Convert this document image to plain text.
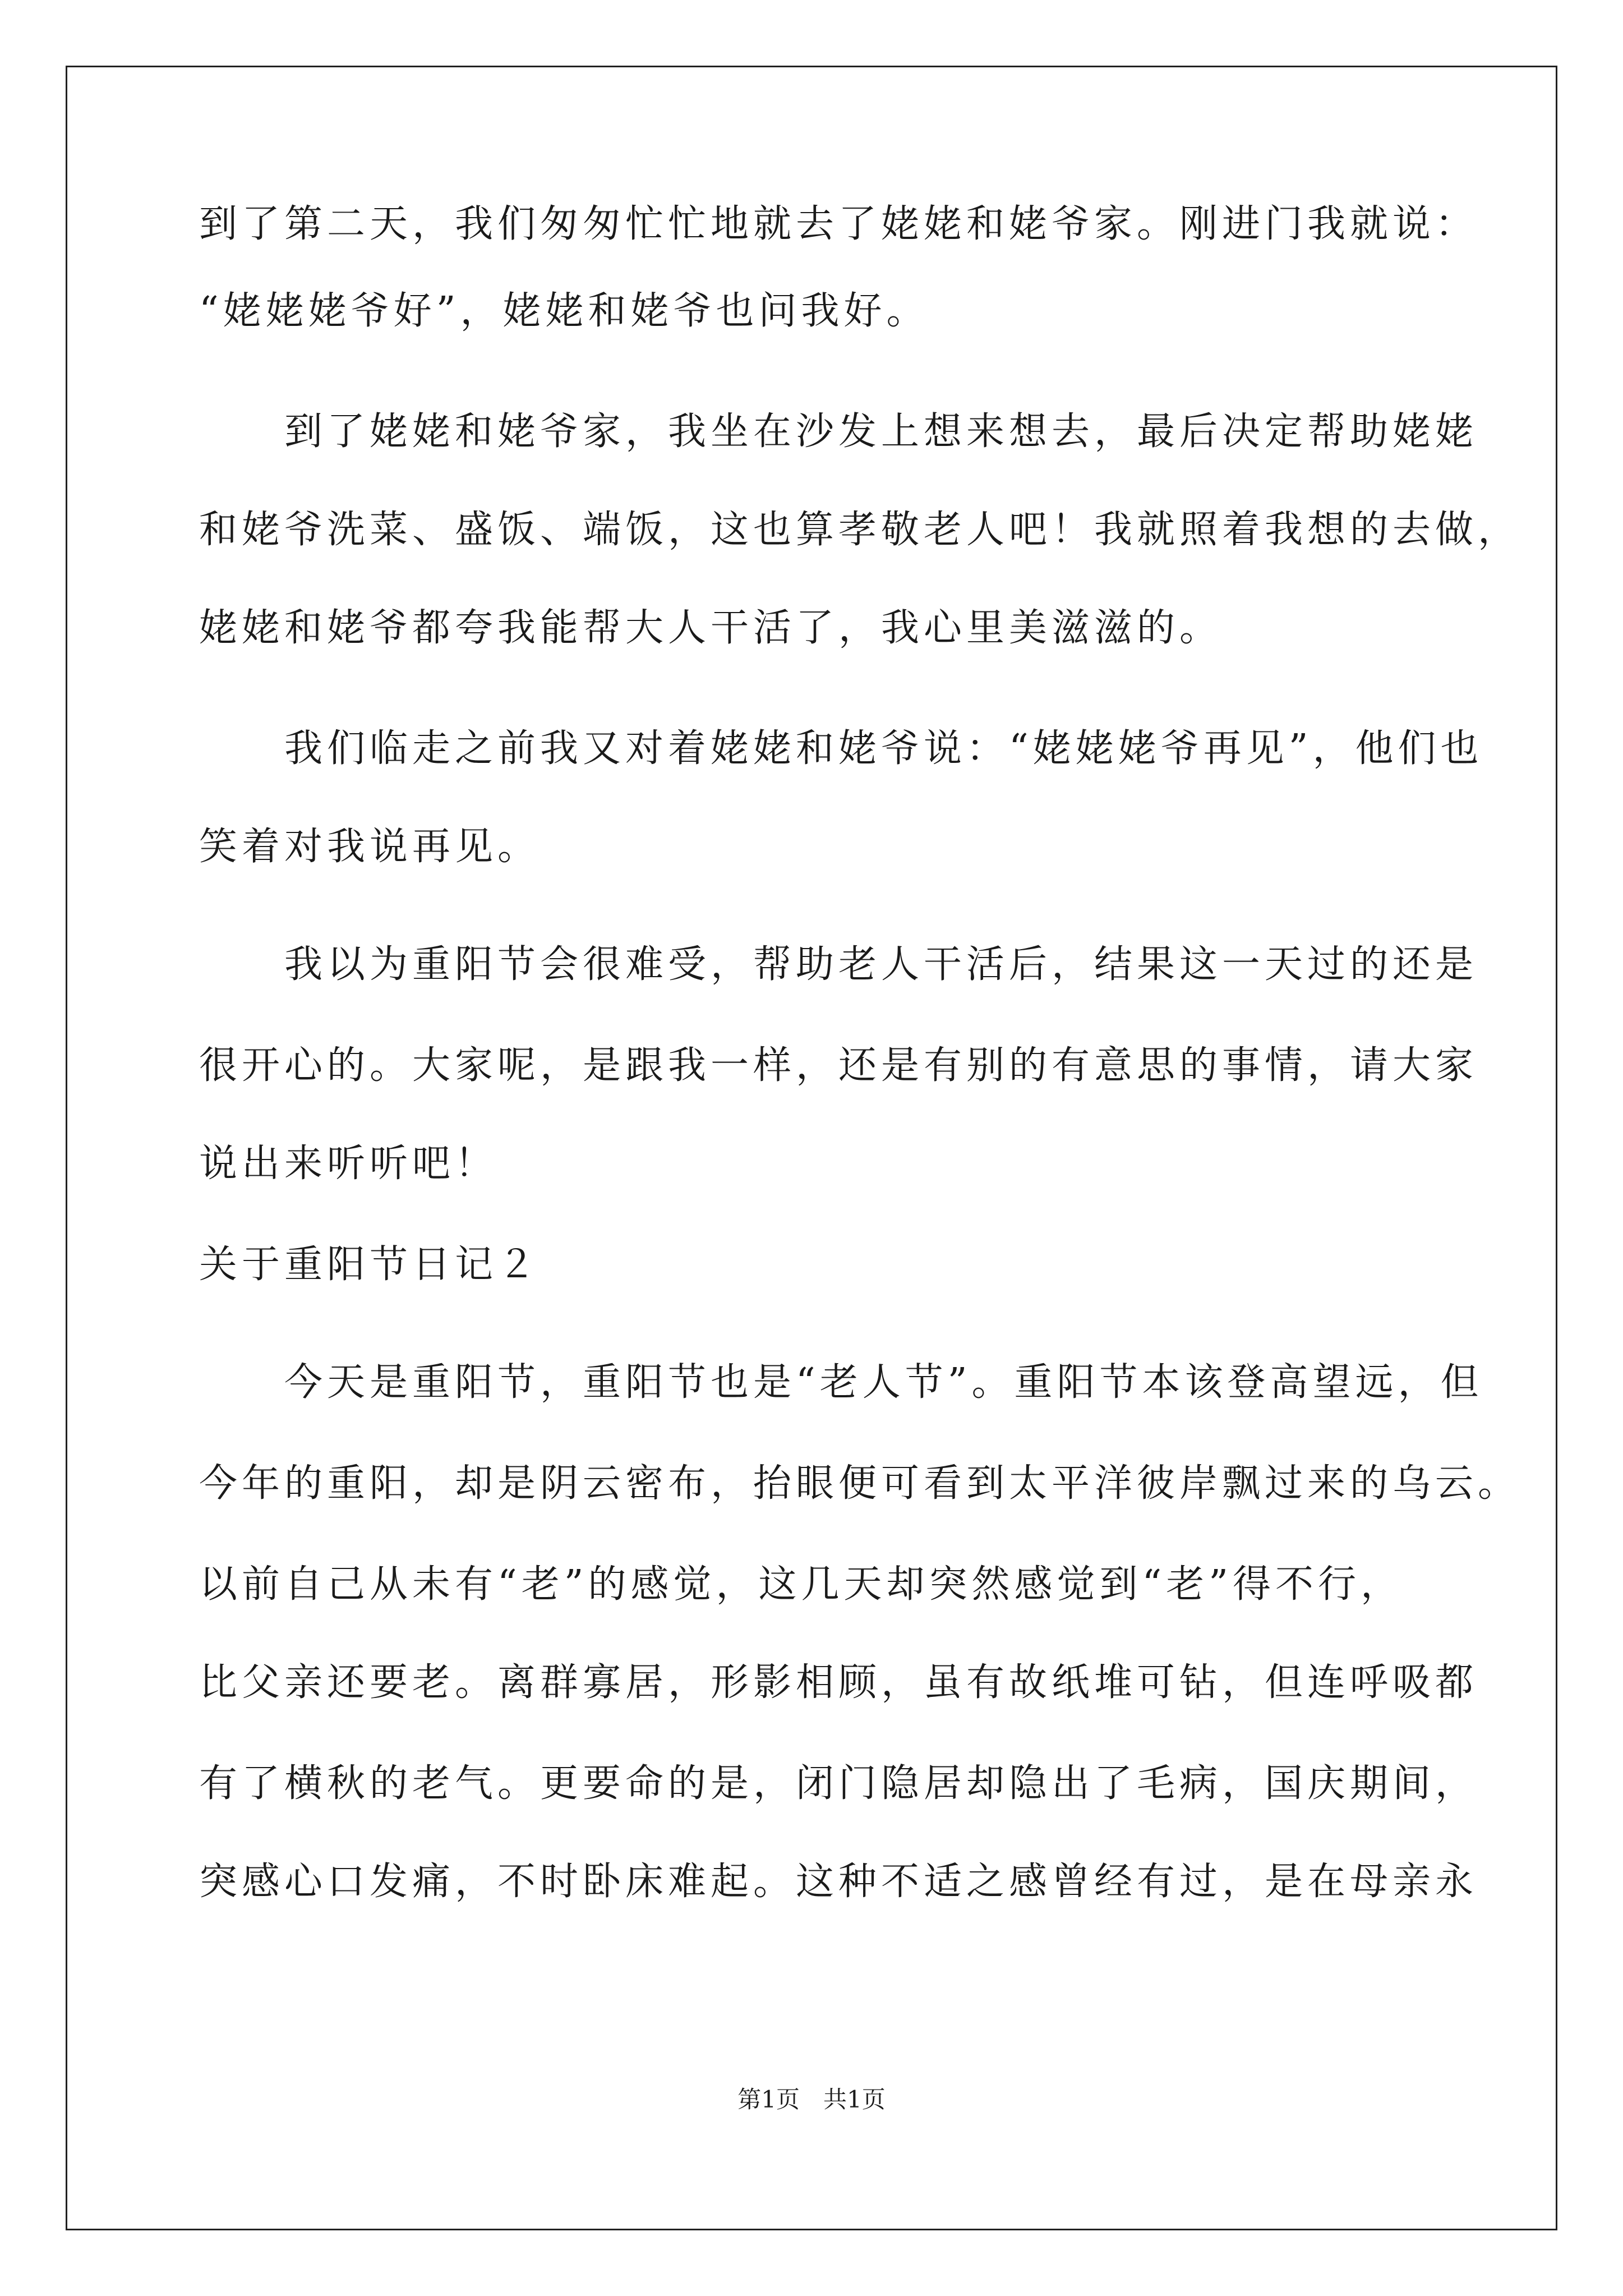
到了第二天，我们匆匆忙忙地就去了姥姥和姥爷家。刚进门我就说：
“姥姥姥爷好”，姥姥和姥爷也问我好。
　　到了姥姥和姥爷家，我坐在沙发上想来想去，最后决定帮助姥姥
和姥爷洗菜、盛饭、端饭，这也算孝敬老人吧！我就照着我想的去做，
姥姥和姥爷都夸我能帮大人干活了，我心里美滋滋的。
　　我们临走之前我又对着姥姥和姥爷说：“姥姥姥爷再见”，他们也
笑着对我说再见。
　　我以为重阳节会很难受，帮助老人干活后，结果这一天过的还是
很开心的。大家呢，是跟我一样，还是有别的有意思的事情，请大家
说出来听听吧！
关于重阳节日记２
　　今天是重阳节，重阳节也是“老人节”。重阳节本该登高望远，但
今年的重阳，却是阴云密布，抬眼便可看到太平洋彼岸飘过来的乌云。
以前自己从未有“老”的感觉，这几天却突然感觉到“老”得不行，
比父亲还要老。离群寡居，形影相顾，虽有故纸堆可钻，但连呼吸都
有了横秋的老气。更要命的是，闭门隐居却隐出了毛病，国庆期间，
突感心口发痛，不时卧床难起。这种不适之感曾经有过，是在母亲永
第1页　共1页
